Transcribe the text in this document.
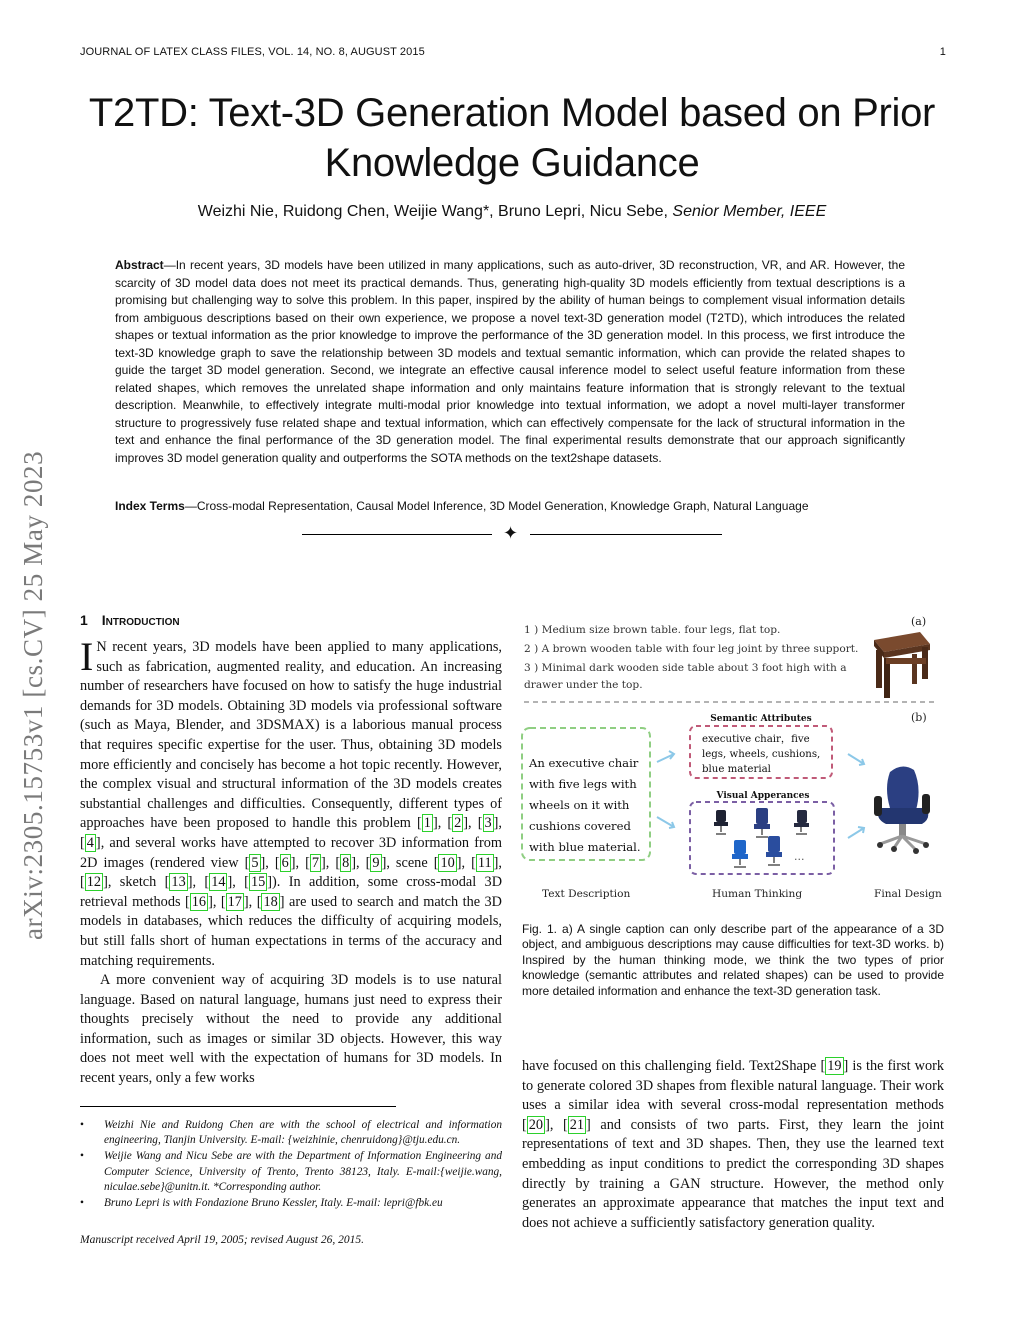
JOURNAL OF LATEX CLASS FILES, VOL. 14, NO. 8, AUGUST 2015	1
T2TD: Text-3D Generation Model based on Prior
Knowledge Guidance
Weizhi Nie, Ruidong Chen, Weijie Wang*, Bruno Lepri, Nicu Sebe, Senior Member, IEEE
Abstract—In recent years, 3D models have been utilized in many applications, such as auto-driver, 3D reconstruction, VR, and AR. However, the scarcity of 3D model data does not meet its practical demands. Thus, generating high-quality 3D models efficiently from textual descriptions is a promising but challenging way to solve this problem. In this paper, inspired by the ability of human beings to complement visual information details from ambiguous descriptions based on their own experience, we propose a novel text-3D generation model (T2TD), which introduces the related shapes or textual information as the prior knowledge to improve the performance of the 3D generation model. In this process, we first introduce the text-3D knowledge graph to save the relationship between 3D models and textual semantic information, which can provide the related shapes to guide the target 3D model generation. Second, we integrate an effective causal inference model to select useful feature information from these related shapes, which removes the unrelated shape information and only maintains feature information that is strongly relevant to the textual description. Meanwhile, to effectively integrate multi-modal prior knowledge into textual information, we adopt a novel multi-layer transformer structure to progressively fuse related shape and textual information, which can effectively compensate for the lack of structural information in the text and enhance the final performance of the 3D generation model. The final experimental results demonstrate that our approach significantly improves 3D model generation quality and outperforms the SOTA methods on the text2shape datasets.
Index Terms—Cross-modal Representation, Causal Model Inference, 3D Model Generation, Knowledge Graph, Natural Language
✦
arXiv:2305.15753v1 [cs.CV] 25 May 2023 1 Introduction

I N recent years, 3D models have been applied to many applications, such as fabrication, augmented reality, and education. An increasing number of researchers have focused on how to satisfy the huge industrial demands for 3D models. Obtaining 3D models via professional software (such as Maya, Blender, and 3DSMAX) is a laborious manual process that requires specific expertise for the user. Thus, obtaining 3D models more efficiently and concisely has become a hot topic recently. However, the complex visual and structural information of the 3D models creates substantial challenges and difficulties. Consequently, different types of approaches have been proposed to handle this problem [ 1 ], [ 2 ], [ 3 ], [ 4 ], and several works have attempted to recover 3D information from 2D images (rendered view [ 5 ], [ 6 ], [ 7 ], [ 8 ], [ 9 ], scene [ 10 ], [ 11 ], [ 12 ], sketch [ 13 ], [ 14 ], [ 15 ]). In addition, some cross-modal 3D retrieval methods [ 16 ], [ 17 ], [ 18 ] are used to search and match the 3D models in databases, which reduces the difficulty of acquiring models, but still falls short of human expectations in terms of the accuracy and matching requirements.

A more convenient way of acquiring 3D models is to use natural language. Based on natural language, humans just need to express their thoughts precisely without the need to provide any additional information, such as images or similar 3D objects. However, this way does not meet well with the expectation of humans for 3D models. In recent years, only a few works

• Weizhi Nie and Ruidong Chen are with the school of electrical and information engineering, Tianjin University. E-mail: {weizhinie, chenruidong}@tju.edu.cn.
• Weijie Wang and Nicu Sebe are with the Department of Information Engineering and Computer Science, University of Trento, Trento 38123, Italy. E-mail:{weijie.wang, niculae.sebe}@unitn.it. *Corresponding author.
• Bruno Lepri is with Fondazione Bruno Kessler, Italy. E-mail: lepri@fbk.eu
Manuscript received April 19, 2005; revised August 26, 2015.
1 ) Medium size brown table. four legs, flat top.
2 ) A brown wooden table with four leg joint by three support.
3 ) Minimal dark wooden side table about 3 foot high with a
drawer under the top.
(a)
(b)
An executive chair
with five legs with
wheels on it with
cushions covered
with blue material.
Semantic Attributes
executive chair，five
legs, wheels, cushions,
blue material
Visual Apperances
...
Text Description	Human Thinking	Final Design
Fig. 1. a) A single caption can only describe part of the appearance of a 3D object, and ambiguous descriptions may cause difficulties for text-3D works. b) Inspired by the human thinking mode, we think the two types of prior knowledge (semantic attributes and related shapes) can be used to provide more detailed information and enhance the text-3D generation task.

have focused on this challenging field. Text2Shape [ 19 ] is the first work to generate colored 3D shapes from flexible natural language. Their work uses a similar idea with several cross-modal representation methods [ 20 ], [ 21 ] and consists of two parts. First, they learn the joint representations of text and 3D shapes. Then, they use the learned text embedding as input conditions to predict the corresponding 3D shapes directly by training a GAN structure. However, the method only generates an approximate appearance that matches the input text and does not achieve a sufficiently satisfactory generation quality.
